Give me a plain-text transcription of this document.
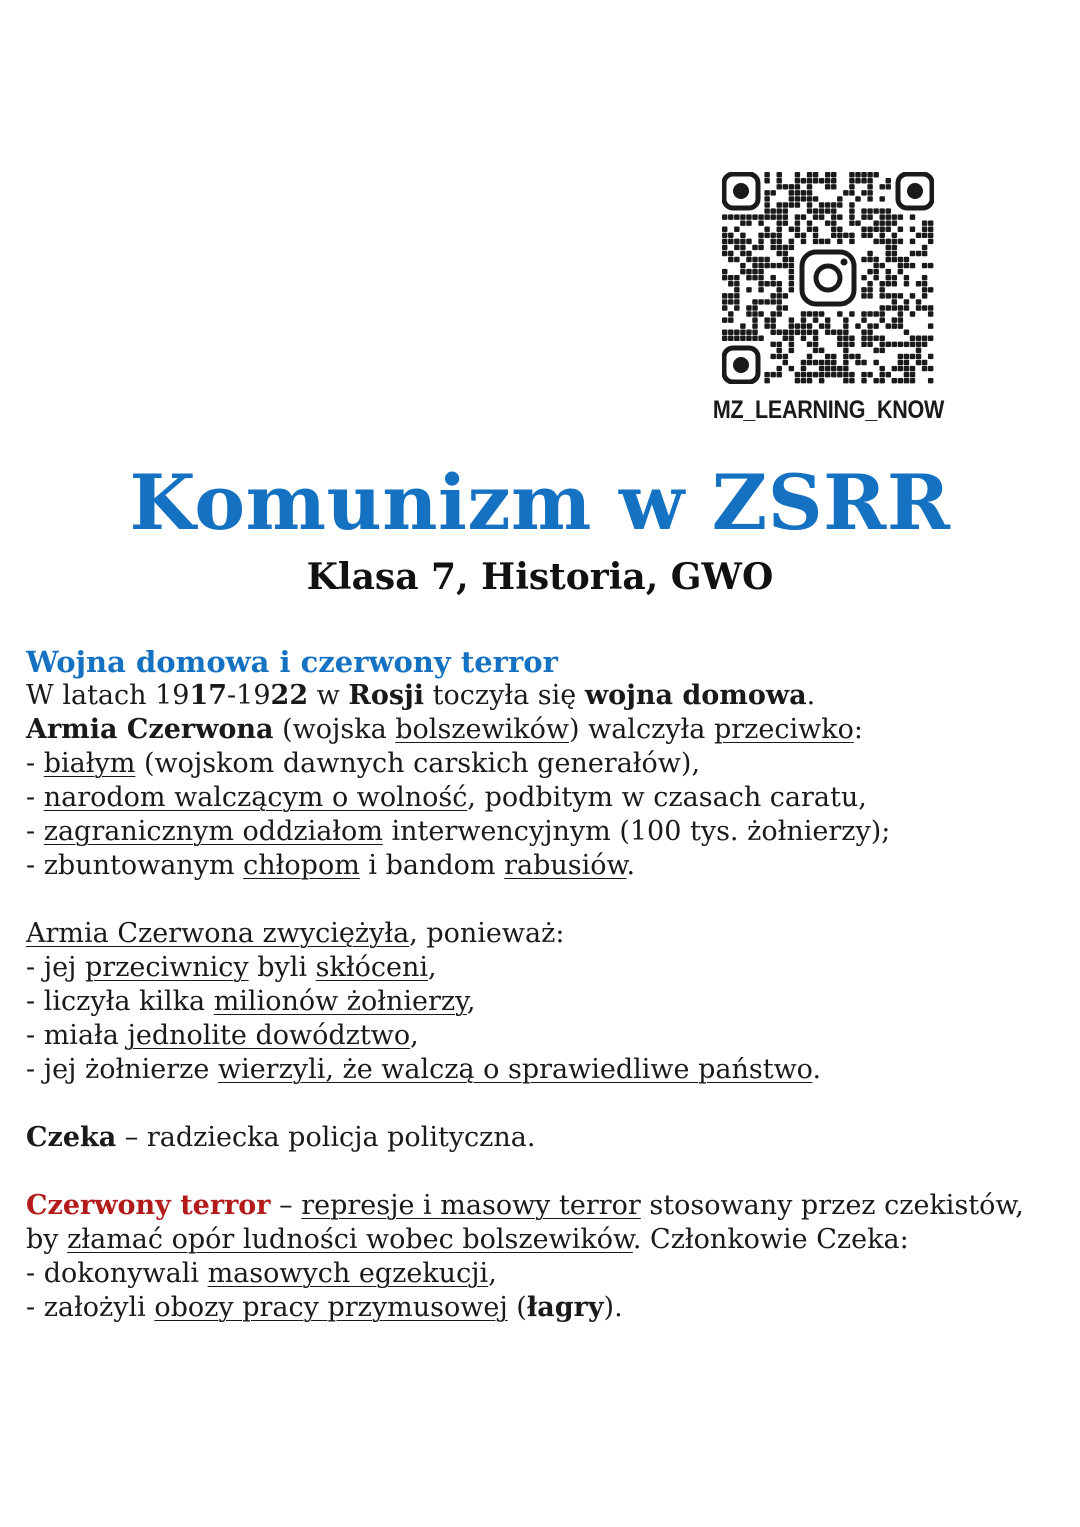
MZ_LEARNING_KNOW
Komunizm w ZSRR
Klasa 7, Historia, GWO
Wojna domowa i czerwony terror
W latach 1917-1922 w Rosji toczyła się wojna domowa.
Armia Czerwona (wojska bolszewików) walczyła przeciwko:
- białym (wojskom dawnych carskich generałów),
- narodom walczącym o wolność, podbitym w czasach caratu,
- zagranicznym oddziałom interwencyjnym (100 tys. żołnierzy);
- zbuntowanym chłopom i bandom rabusiów.
Armia Czerwona zwyciężyła, ponieważ:
- jej przeciwnicy byli skłóceni,
- liczyła kilka milionów żołnierzy,
- miała jednolite dowództwo,
- jej żołnierze wierzyli, że walczą o sprawiedliwe państwo.
Czeka – radziecka policja polityczna.
Czerwony terror – represje i masowy terror stosowany przez czekistów,
by złamać opór ludności wobec bolszewików. Członkowie Czeka:
- dokonywali masowych egzekucji,
- założyli obozy pracy przymusowej (łagry).
